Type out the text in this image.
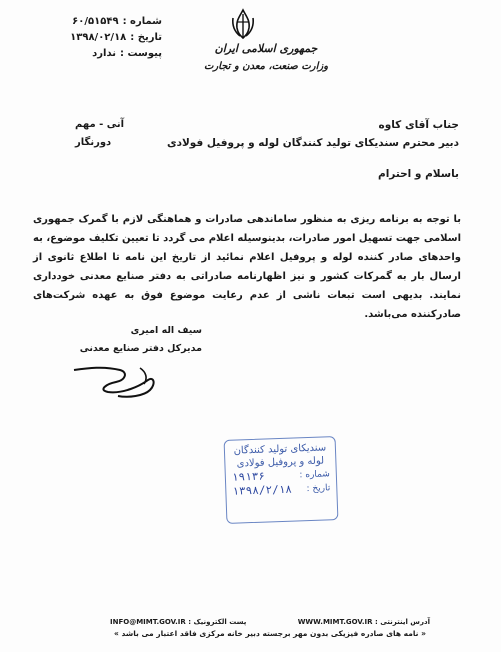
شماره :
۶۰/۵۱۵۴۹
تاریخ :
۱۳۹۸/۰۲/۱۸
پیوست :
ندارد	جمهوری اسلامی ایران
وزارت صنعت، معدن و تجارت
جناب آقای کاوه
دبیر محترم سندیکای تولید کنندگان لوله و پروفیل فولادی
آنی - مهم
دورنگار
باسلام و احترام

با توجه به برنامه ریزی به منظور ساماندهی صادرات و هماهنگی لازم با گمرک جمهوری اسلامی جهت تسهیل امور صادرات، بدینوسیله اعلام می گردد تا تعیین تکلیف موضوع، به واحدهای صادر کننده لوله و پروفیل اعلام نمائید از تاریخ این نامه تا اطلاع ثانوی از ارسال بار به گمرکات کشور و نیز اظهارنامه صادراتی به دفتر صنایع معدنی خودداری نمایند. بدیهی است تبعات ناشی از عدم رعایت موضوع فوق به عهده شرکت‌های صادرکننده می‌باشد.

سیف اله امیری
مدیرکل دفتر صنایع معدنی
سندیکای تولید کنندگان
لوله و پروفیل فولادی
شماره :
۱۹۱۳۶
تاریخ :
۱۳۹۸/۲/۱۸
آدرس اینترنتی : WWW.MIMT.GOV.IR
پست الکترونیک : INFO@MIMT.GOV.IR
« نامه های صادره فیزیکی بدون مهر برجسته دبیر خانه مرکزی فاقد اعتبار می باشد »
